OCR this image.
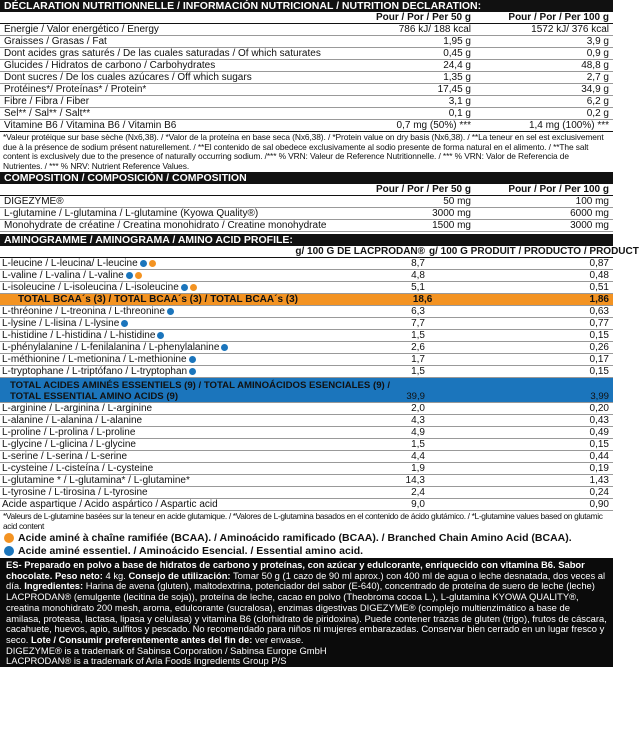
DÉCLARATION NUTRITIONNELLE / INFORMACIÓN NUTRICIONAL / NUTRITION DECLARATION:
Pour / Por / Per 50 g	Pour / Por / Per 100 g
Énergie / Valor energético / Energy	786 kJ/ 188 kcal	1572 kJ/ 376 kcal
Graisses / Grasas / Fat	1,95 g	3,9 g
Dont acides gras saturés / De las cuales saturadas / Of which saturates	0,45 g	0,9 g
Glucides / Hidratos de carbono / Carbohydrates	24,4 g	48,8 g
Dont sucres / De los cuales azúcares / Off which sugars	1,35 g	2,7 g
Protéines*/ Proteínas* / Protein*	17,45 g	34,9 g
Fibre / Fibra / Fiber	3,1 g	6,2 g
Sel** / Sal** / Salt**	0,1 g	0,2 g
Vitamine B6 / Vitamina B6 / Vitamin B6	0,7 mg (50%) ***	1,4 mg (100%) ***
*Valeur protéique sur base sèche (Nx6,38). / *Valor de la proteína en base seca (Nx6,38). / *Protein value on dry basis (Nx6,38). / **La teneur en sel est exclusivement due à la présence de sodium présent naturellement. / **El contenido de sal obedece exclusivamente al sodio presente de forma natural en el alimento. / **The salt content is exclusively due to the presence of naturally occurring sodium. /*** % VRN: Valeur de Reference Nutritionnelle. / *** % VRN: Valor de Referencia de Nutrientes. / *** % NRV: Nutrient Reference Values.
COMPOSITION / COMPOSICIÓN / COMPOSITION
Pour / Por / Per 50 g	Pour / Por / Per 100 g
DIGEZYME®	50 mg	100 mg
L-glutamine / L-glutamina / L-glutamine (Kyowa Quality®)	3000 mg	6000 mg
Monohydrate de créatine / Creatina monohidrato / Creatine monohydrate	1500 mg	3000 mg
AMINOGRAMME / AMINOGRAMA / AMINO ACID PROFILE:
g/ 100 G DE LACPRODAN® g/ 100 G PRODUIT / PRODUCTO / PRODUCT
L-leucine / L-leucina/ L-leucine	8,7	0,87
L-valine / L-valina / L-valine	4,8	0,48
L-isoleucine / L-isoleucina / L-isoleucine	5,1	0,51
TOTAL BCAA´s (3) / TOTAL BCAA´s (3) / TOTAL BCAA´s (3)	18,6	1,86
L-thréonine / L-treonina / L-threonine	6,3	0,63
L-lysine / L-lisina / L-lysine	7,7	0,77
L-histidine / L-histidina / L-histidine	1,5	0,15
L-phénylalanine / L-fenilalanina / L-phenylalanine	2,6	0,26
L-méthionine / L-metionina / L-methionine	1,7	0,17
L-tryptophane / L-triptófano / L-tryptophan	1,5	0,15
TOTAL ACIDES AMINÉS ESSENTIELS (9) / TOTAL AMINOÁCIDOS ESENCIALES (9) /
TOTAL ESSENTIAL AMINO ACIDS (9)	39,9	3,99
L-arginine / L-arginina / L-arginine	2,0	0,20
L-alanine / L-alanina / L-alanine	4,3	0,43
L-proline / L-prolina / L-proline	4,9	0,49
L-glycine / L-glicina / L-glycine	1,5	0,15
L-serine / L-serina / L-serine	4,4	0,44
L-cysteine / L-cisteína / L-cysteine	1,9	0,19
L-glutamine * / L-glutamina* / L-glutamine*	14,3	1,43
L-tyrosine / L-tirosina / L-tyrosine	2,4	0,24
Acide aspartique / Acido aspártico / Aspartic acid	9,0	0,90
*Valeurs de L-glutamine basées sur la teneur en acide glutamique. / *Valores de L-glutamina basados en el contenido de ácido glutámico. / *L-glutamine values based on glutamic acid content
Acide aminé à chaîne ramifiée (BCAA). / Aminoácido ramificado (BCAA). / Branched Chain Amino Acid (BCAA).
Acide aminé essentiel. / Aminoácido Esencial. / Essential amino acid.
ES- Preparado en polvo a base de hidratos de carbono y proteínas, con azúcar y edulcorante, enriquecido con vitamina B6. Sabor chocolate. Peso neto: 4 kg. Consejo de utilización: Tomar 50 g (1 cazo de 90 ml aprox.) con 400 ml de agua o leche desnatada, dos veces al día. Ingredientes: Harina de avena (gluten), maltodextrina, potenciador del sabor (E-640), concentrado de proteína de suero de leche (leche) LACPRODAN® (emulgente (lecitina de soja)), proteína de leche, cacao en polvo (Theobroma cocoa L.), L-glutamina KYOWA QUALITY®, creatina monohidrato 200 mesh, aroma, edulcorante (sucralosa), enzimas digestivas DIGEZYME® (complejo multienzimático a base de amilasa, proteasa, lactasa, lipasa y celulasa) y vitamina B6 (clorhidrato de piridoxina). Puede contener trazas de gluten (trigo), frutos de cáscara, cacahuete, huevos, apio, sulfitos y pescado. No recomendado para niños ni mujeres embarazadas. Conservar bien cerrado en un lugar fresco y seco. Lote / Consumir preferentemente antes del fin de: ver envase.
DIGEZYME® is a trademark of Sabinsa Corporation / Sabinsa Europe GmbH
LACPRODAN® is a trademark of Arla Foods Ingredients Group P/S
KYOWA QUALITY® and KQ Logo are registered trademarks of KYOWA HAKKO BIO CO., LTD
